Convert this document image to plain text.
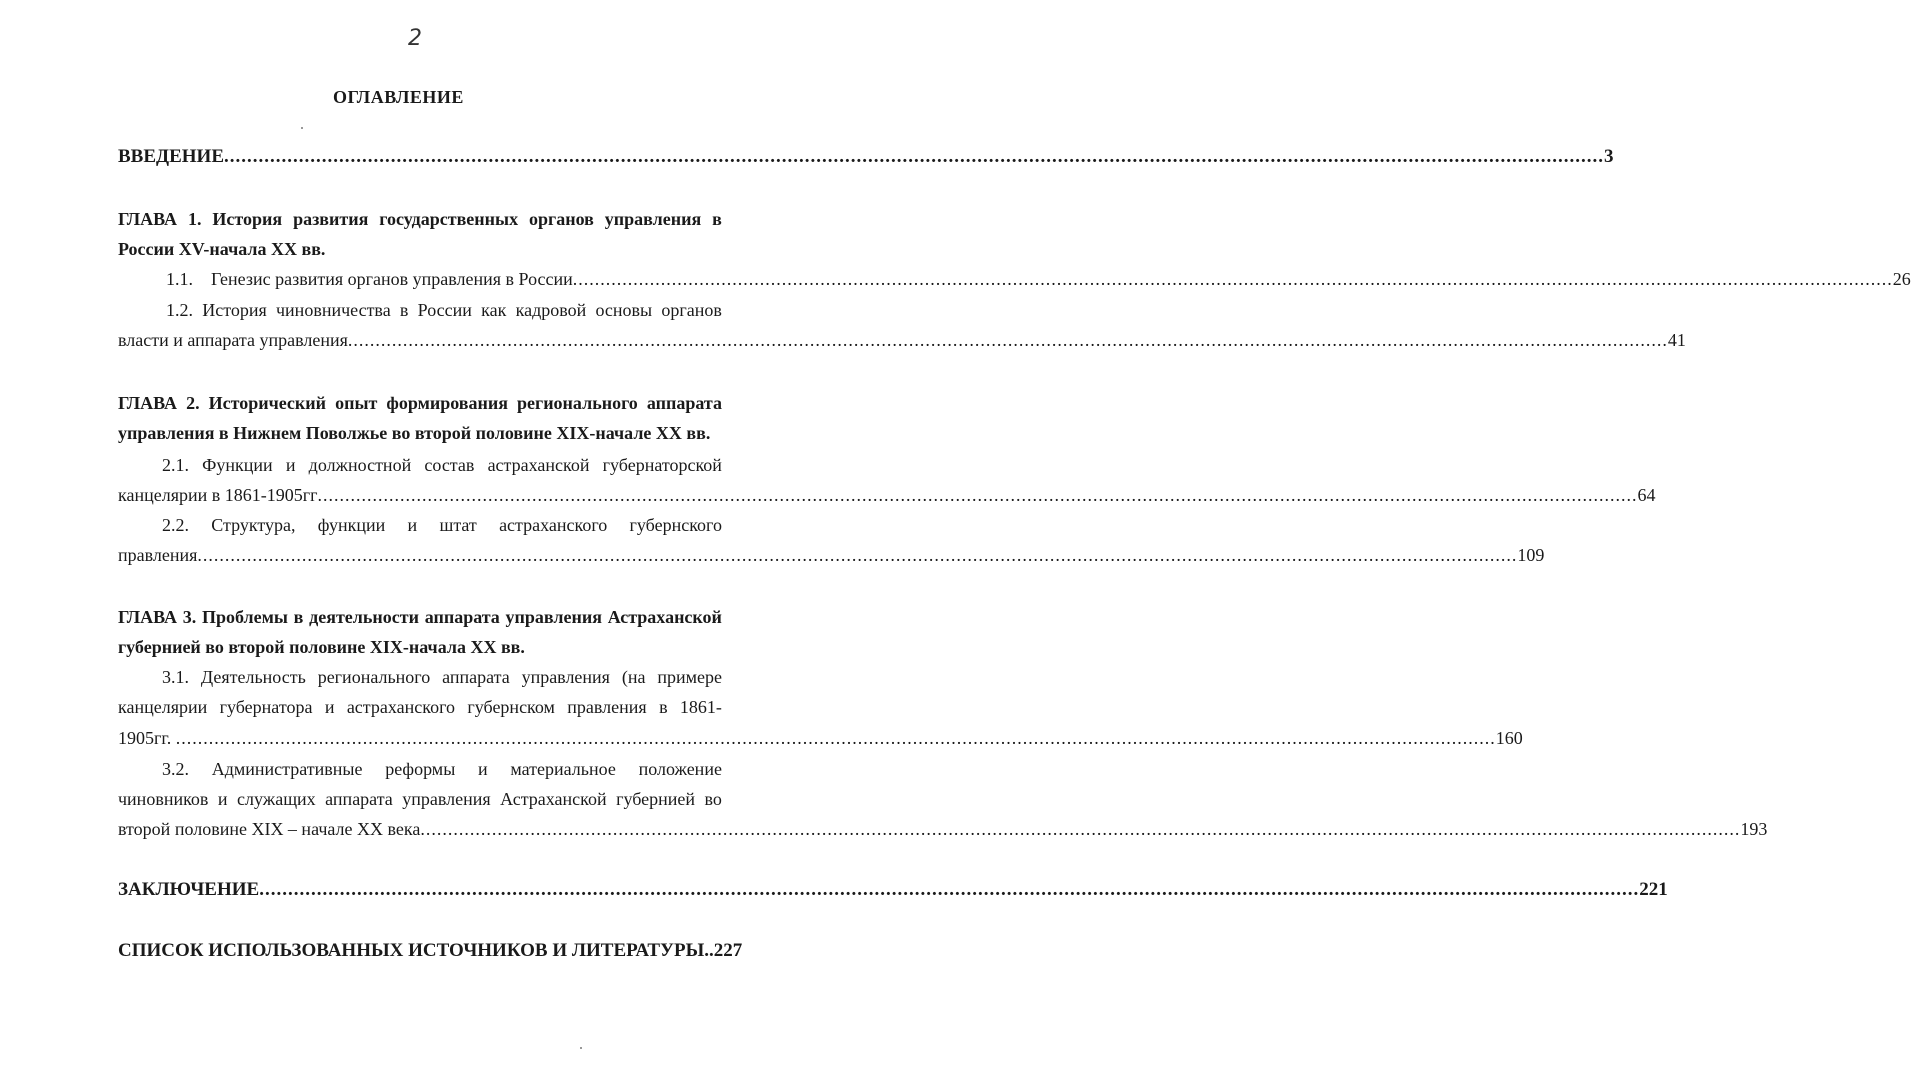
2
ОГЛАВЛЕНИЕ
ВВЕДЕНИЕ .....	3
ГЛАВА 1. История развития государственных органов управления в
России XV-начала XX вв.
1.1. Генезис развития органов управления в России .....	26
1.2. История чиновничества в России как кадровой основы органов
власти и аппарата управления .....	41
ГЛАВА 2. Исторический опыт формирования регионального аппарата
управления в Нижнем Поволжье во второй половине XIX-начале XX вв.
2.1. Функции и должностной состав астраханской губернаторской
канцелярии в 1861-1905гг .....	64
2.2. Структура, функции и штат астраханского губернского
правления .....	109
ГЛАВА 3. Проблемы в деятельности аппарата управления Астраханской
губернией во второй половине XIX-начала XX вв.
3.1. Деятельность регионального аппарата управления (на примере
канцелярии губернатора и астраханского губернском правления в 1861-
1905гг. .....	160
3.2. Административные реформы и материальное положение
чиновников и служащих аппарата управления Астраханской губернией во
второй половине XIX – начале XX века .....	193
ЗАКЛЮЧЕНИЕ .....	221
СПИСОК ИСПОЛЬЗОВАННЫХ ИСТОЧНИКОВ И ЛИТЕРАТУРЫ..227
